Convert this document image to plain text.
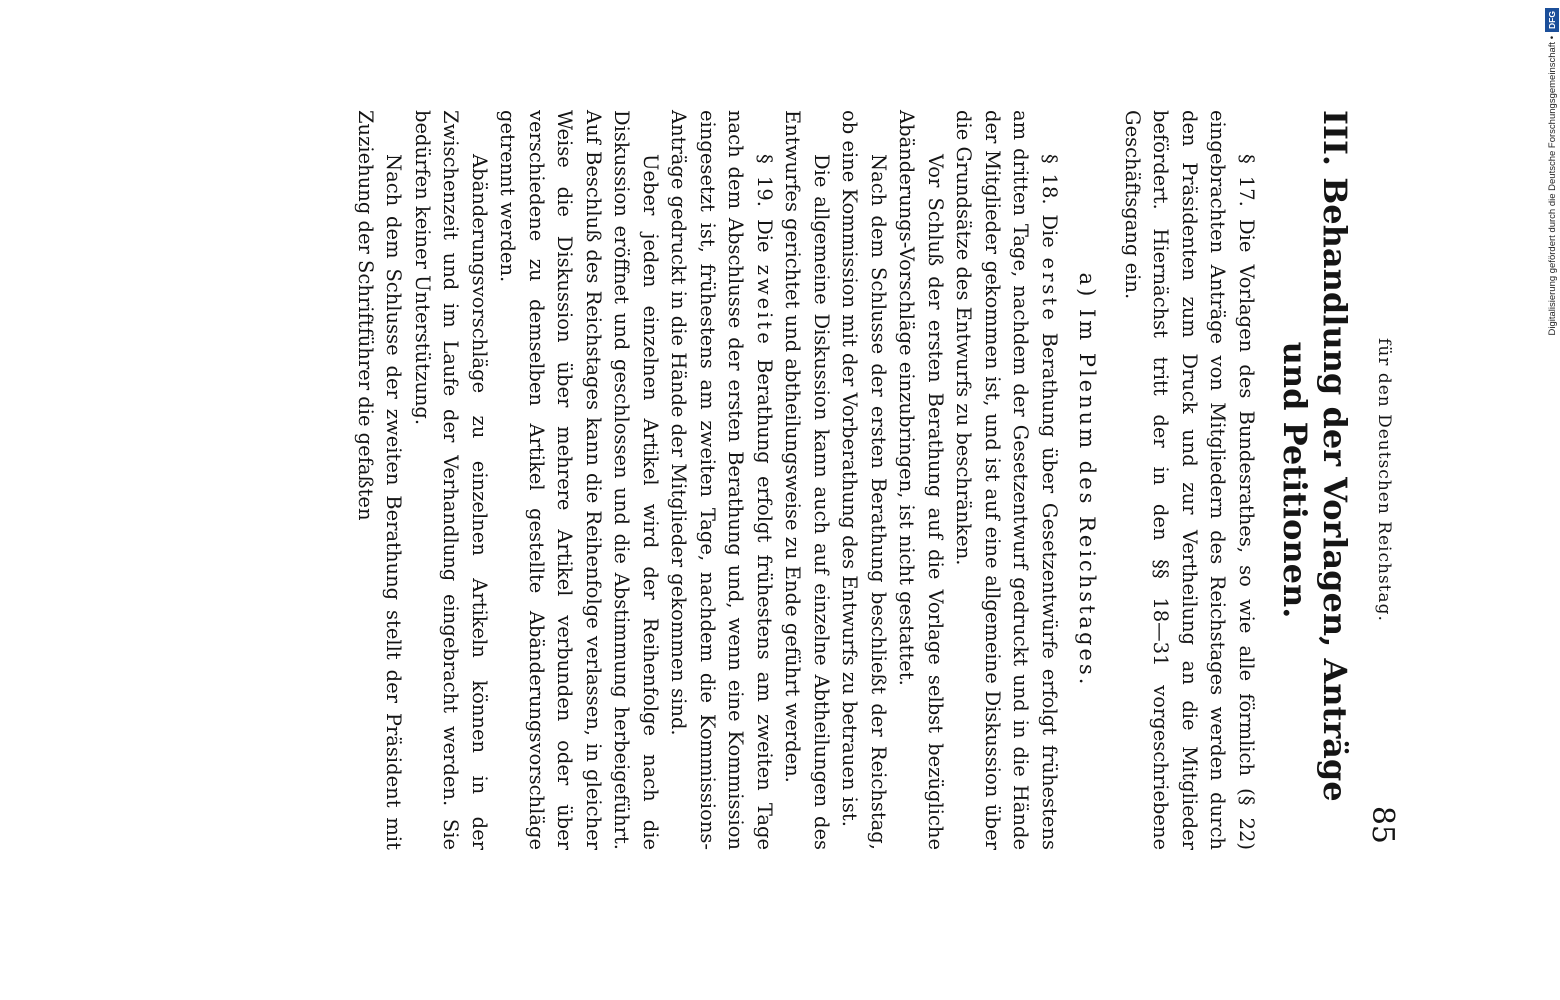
für den Deutschen Reichstag.
85
III. Behandlung der Vorlagen, Anträge
und Petitionen.

§ 17. Die Vorlagen des Bundesrathes, so wie alle förmlich (§ 22) eingebrachten Anträge von Mitgliedern des Reichstages werden durch den Präsidenten zum Druck und zur Vertheilung an die Mitglieder befördert. Hiernächst tritt der in den §§ 18—31 vorgeschriebene Geschäftsgang ein.

a) Im Plenum des Reichstages.

§ 18. Die erste Berathung über Gesetzentwürfe erfolgt frühestens am dritten Tage, nachdem der Gesetzentwurf gedruckt und in die Hände der Mitglieder gekommen ist, und ist auf eine allgemeine Diskussion über die Grundsätze des Entwurfs zu beschränken.

Vor Schluß der ersten Berathung auf die Vorlage selbst bezügliche Abänderungs-Vorschläge einzubringen, ist nicht gestattet.

Nach dem Schlusse der ersten Berathung beschließt der Reichstag, ob eine Kommission mit der Vorberathung des Entwurfs zu betrauen ist.

Die allgemeine Diskussion kann auch auf einzelne Abtheilungen des Entwurfes gerichtet und abtheilungsweise zu Ende geführt werden.

§ 19. Die zweite Berathung erfolgt frühestens am zweiten Tage nach dem Abschlusse der ersten Berathung und, wenn eine Kommission eingesetzt ist, frühestens am zweiten Tage, nachdem die Kommissions-Anträge gedruckt in die Hände der Mitglieder gekommen sind.

Ueber jeden einzelnen Artikel wird der Reihenfolge nach die Diskussion eröffnet und geschlossen und die Abstimmung herbeigeführt. Auf Beschluß des Reichstages kann die Reihenfolge verlassen, in gleicher Weise die Diskussion über mehrere Artikel verbunden oder über verschiedene zu demselben Artikel gestellte Abänderungsvorschläge getrennt werden.

Abänderungsvorschläge zu einzelnen Artikeln können in der Zwischenzeit und im Laufe der Verhandlung eingebracht werden. Sie bedürfen keiner Unterstützung.

Nach dem Schlusse der zweiten Berathung stellt der Präsident mit Zuziehung der Schriftführer die gefaßten	Digitalisierung gefördert durch die Deutsche Forschungsgemeinschaft •
DFG
